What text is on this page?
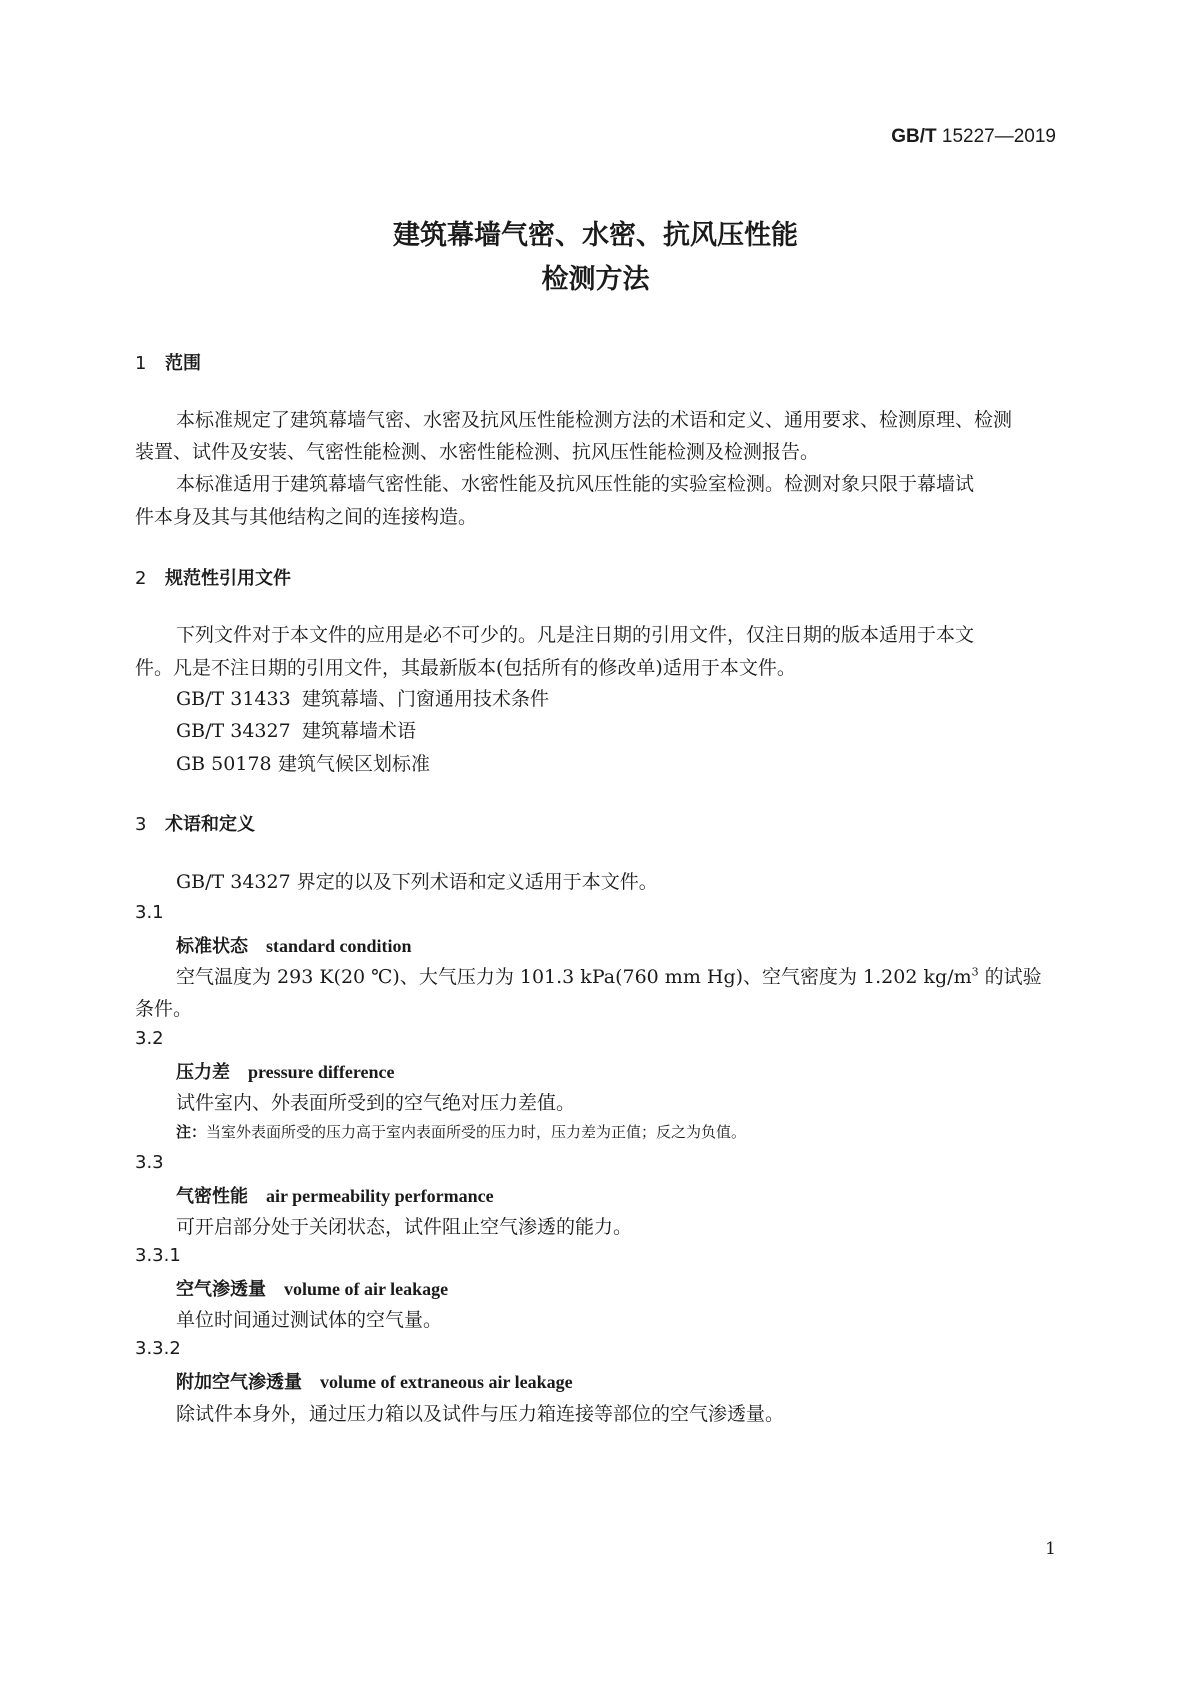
GB/T 15227—2019
建筑幕墙气密、水密、抗风压性能
检测方法
1 范围
本标准规定了建筑幕墙气密、水密及抗风压性能检测方法的术语和定义、通用要求、检测原理、检测
装置、试件及安装、气密性能检测、水密性能检测、抗风压性能检测及检测报告。
本标准适用于建筑幕墙气密性能、水密性能及抗风压性能的实验室检测。检测对象只限于幕墙试
件本身及其与其他结构之间的连接构造。
2 规范性引用文件
下列文件对于本文件的应用是必不可少的。凡是注日期的引用文件，仅注日期的版本适用于本文
件。凡是不注日期的引用文件，其最新版本(包括所有的修改单)适用于本文件。
GB/T 31433 建筑幕墙、门窗通用技术条件
GB/T 34327 建筑幕墙术语
GB 50178 建筑气候区划标准
3 术语和定义
GB/T 34327 界定的以及下列术语和定义适用于本文件。
3.1
标准状态 standard condition
空气温度为 293 K(20 ℃)、大气压力为 101.3 kPa(760 mm Hg)、空气密度为 1.202 $kg/m^3$ 的试验
条件。
3.2
压力差 pressure difference
试件室内、外表面所受到的空气绝对压力差值。
注：当室外表面所受的压力高于室内表面所受的压力时，压力差为正值；反之为负值。
3.3
气密性能 air permeability performance
可开启部分处于关闭状态，试件阻止空气渗透的能力。
3.3.1
空气渗透量 volume of air leakage
单位时间通过测试体的空气量。
3.3.2
附加空气渗透量 volume of extraneous air leakage
除试件本身外，通过压力箱以及试件与压力箱连接等部位的空气渗透量。
1
